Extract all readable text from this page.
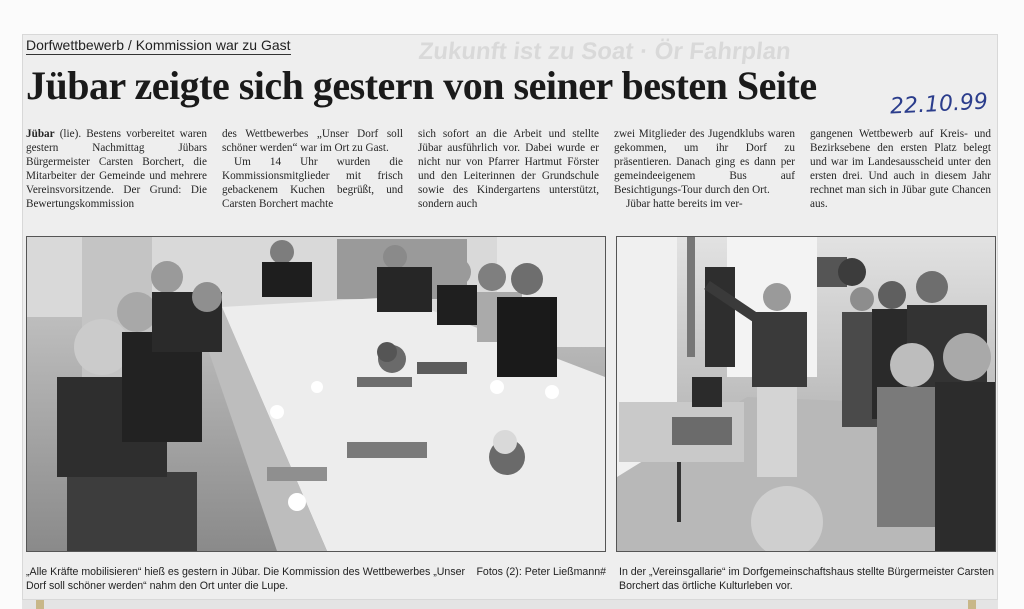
Zukunft ist zu Soat · Ör Fahrplan
Dorfwettbewerb / Kommission war zu Gast
Jübar zeigte sich gestern von seiner besten Seite	22.10.99

Jübar (lie). Bestens vorbereitet waren gestern Nachmittag Jübars Bürgermeister Carsten Borchert, die Mitarbeiter der Gemeinde und mehrere Vereinsvorsitzende. Der Grund: Die Bewertungskommission

des Wettbewerbes „Unser Dorf soll schöner werden“ war im Ort zu Gast.

Um 14 Uhr wurden die Kommissionsmitglieder mit frisch gebackenem Kuchen begrüßt, und Carsten Borchert machte

sich sofort an die Arbeit und stellte Jübar ausführlich vor. Dabei wurde er nicht nur von Pfarrer Hartmut Förster und den Leiterinnen der Grundschule sowie des Kindergartens unterstützt, sondern auch

zwei Mitglieder des Jugendklubs waren gekommen, um ihr Dorf zu präsentieren. Danach ging es dann per gemeindeeigenem Bus auf Besichtigungs-Tour durch den Ort.

Jübar hatte bereits im ver-

gangenen Wettbewerb auf Kreis- und Bezirksebene den ersten Platz belegt und war im Landesausscheid unter den ersten drei. Und auch in diesem Jahr rechnet man sich in Jübar gute Chancen aus.

Fotos (2): Peter Ließmann#
„Alle Kräfte mobilisieren“ hieß es gestern in Jübar. Die Kommission des Wettbewerbes „Unser Dorf soll schöner werden“ nahm den Ort unter die Lupe.
In der „Vereinsgallarie“ im Dorfgemeinschaftshaus stellte Bürgermeister Carsten Borchert das örtliche Kulturleben vor.
